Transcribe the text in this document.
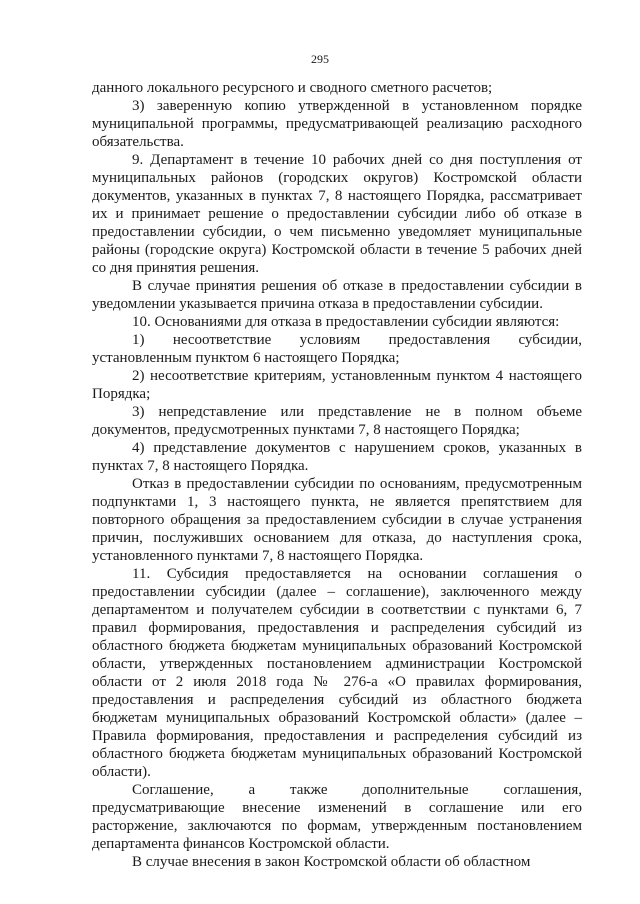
295

данного локального ресурсного и сводного сметного расчетов;

3) заверенную копию утвержденной в установленном порядке муниципальной программы, предусматривающей реализацию расходного обязательства.

9. Департамент в течение 10 рабочих дней со дня поступления от муниципальных районов (городских округов) Костромской области документов, указанных в пунктах 7, 8 настоящего Порядка, рассматривает их и принимает решение о предоставлении субсидии либо об отказе в предоставлении субсидии, о чем письменно уведомляет муниципальные районы (городские округа) Костромской области в течение 5 рабочих дней со дня принятия решения.

В случае принятия решения об отказе в предоставлении субсидии в уведомлении указывается причина отказа в предоставлении субсидии.

10. Основаниями для отказа в предоставлении субсидии являются:

1) несоответствие условиям предоставления субсидии, установленным пунктом 6 настоящего Порядка;

2) несоответствие критериям, установленным пунктом 4 настоящего Порядка;

3) непредставление или представление не в полном объеме документов, предусмотренных пунктами 7, 8 настоящего Порядка;

4) представление документов с нарушением сроков, указанных в пунктах 7, 8 настоящего Порядка.

Отказ в предоставлении субсидии по основаниям, предусмотренным подпунктами 1, 3 настоящего пункта, не является препятствием для повторного обращения за предоставлением субсидии в случае устранения причин, послуживших основанием для отказа, до наступления срока, установленного пунктами 7, 8 настоящего Порядка.

11. Субсидия предоставляется на основании соглашения о предоставлении субсидии (далее – соглашение), заключенного между департаментом и получателем субсидии в соответствии с пунктами 6, 7 правил формирования, предоставления и распределения субсидий из областного бюджета бюджетам муниципальных образований Костромской области, утвержденных постановлением администрации Костромской области от 2 июля 2018 года № 276-а «О правилах формирования, предоставления и распределения субсидий из областного бюджета бюджетам муниципальных образований Костромской области» (далее – Правила формирования, предоставления и распределения субсидий из областного бюджета бюджетам муниципальных образований Костромской области).

Соглашение, а также дополнительные соглашения, предусматривающие внесение изменений в соглашение или его расторжение, заключаются по формам, утвержденным постановлением департамента финансов Костромской области.

В случае внесения в закон Костромской области об областном
